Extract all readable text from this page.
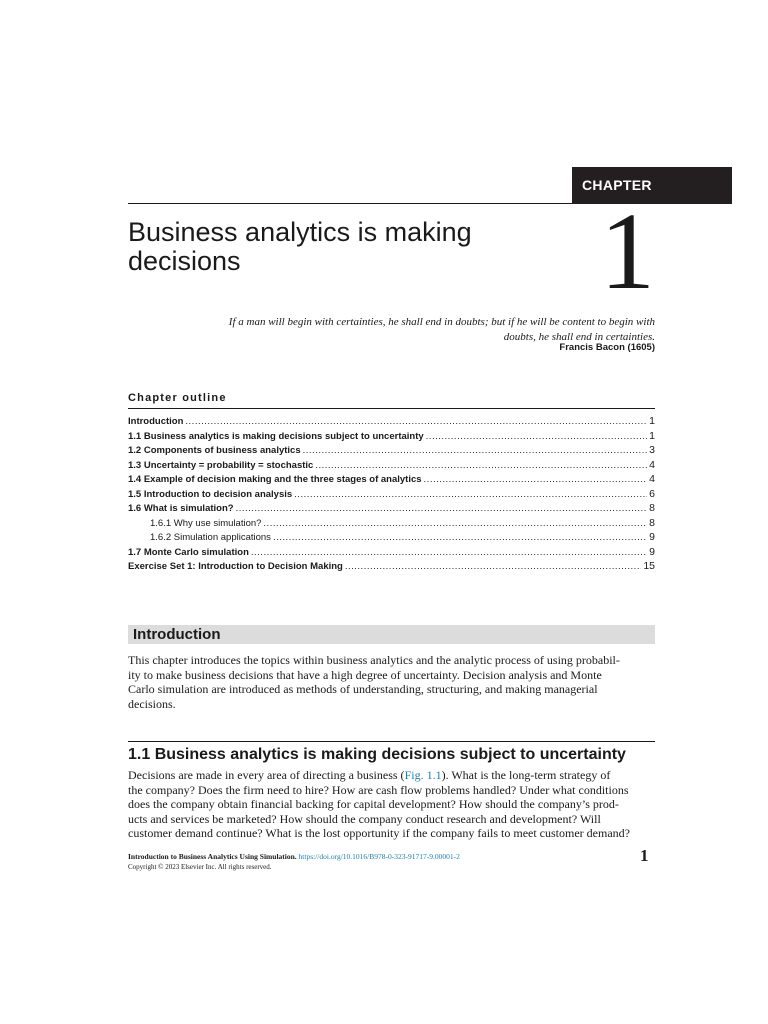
CHAPTER
Business analytics is making
decisions	1
If a man will begin with certainties, he shall end in doubts; but if he will be content to begin with
doubts, he shall end in certainties.
Francis Bacon (1605)
Chapter outline
Introduction .....	1
1.1 Business analytics is making decisions subject to uncertainty .....	1
1.2 Components of business analytics .....	3
1.3 Uncertainty = probability = stochastic .....	4
1.4 Example of decision making and the three stages of analytics .....	4
1.5 Introduction to decision analysis .....	6
1.6 What is simulation? .....	8
1.6.1 Why use simulation? .....	8
1.6.2 Simulation applications .....	9
1.7 Monte Carlo simulation .....	9
Exercise Set 1: Introduction to Decision Making .....	15
Introduction
This chapter introduces the topics within business analytics and the analytic process of using probabil-
ity to make business decisions that have a high degree of uncertainty. Decision analysis and Monte
Carlo simulation are introduced as methods of understanding, structuring, and making managerial
decisions.
1.1 Business analytics is making decisions subject to uncertainty
Decisions are made in every area of directing a business (Fig. 1.1). What is the long-term strategy of
the company? Does the firm need to hire? How are cash flow problems handled? Under what conditions
does the company obtain financial backing for capital development? How should the company’s prod-
ucts and services be marketed? How should the company conduct research and development? Will
customer demand continue? What is the lost opportunity if the company fails to meet customer demand?
Introduction to Business Analytics Using Simulation. https://doi.org/10.1016/B978-0-323-91717-9.00001-2
Copyright © 2023 Elsevier Inc. All rights reserved.
1
